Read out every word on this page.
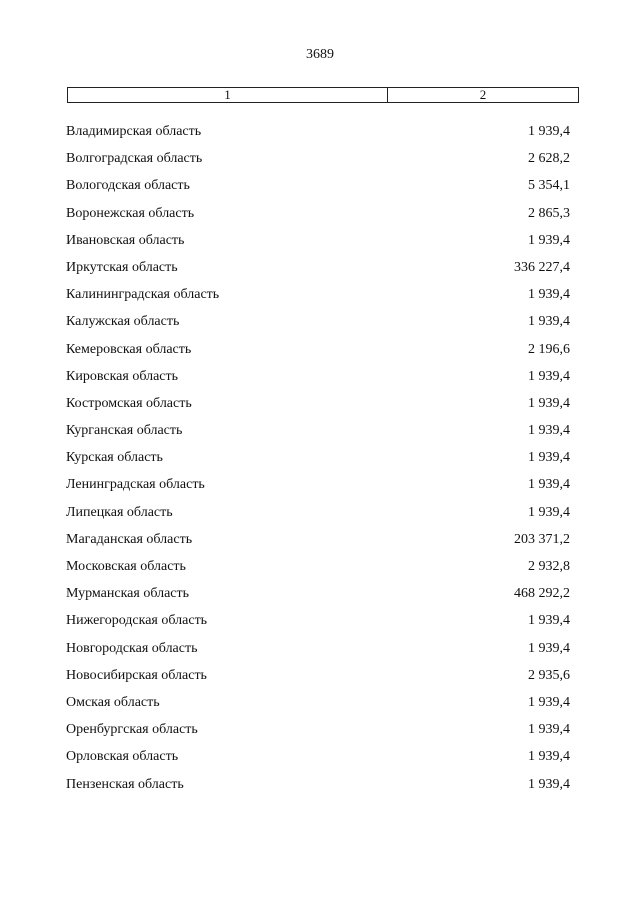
3689
1	2
Владимирская область	1 939,4
Волгоградская область	2 628,2
Вологодская область	5 354,1
Воронежская область	2 865,3
Ивановская область	1 939,4
Иркутская область	336 227,4
Калининградская область	1 939,4
Калужская область	1 939,4
Кемеровская область	2 196,6
Кировская область	1 939,4
Костромская область	1 939,4
Курганская область	1 939,4
Курская область	1 939,4
Ленинградская область	1 939,4
Липецкая область	1 939,4
Магаданская область	203 371,2
Московская область	2 932,8
Мурманская область	468 292,2
Нижегородская область	1 939,4
Новгородская область	1 939,4
Новосибирская область	2 935,6
Омская область	1 939,4
Оренбургская область	1 939,4
Орловская область	1 939,4
Пензенская область	1 939,4
